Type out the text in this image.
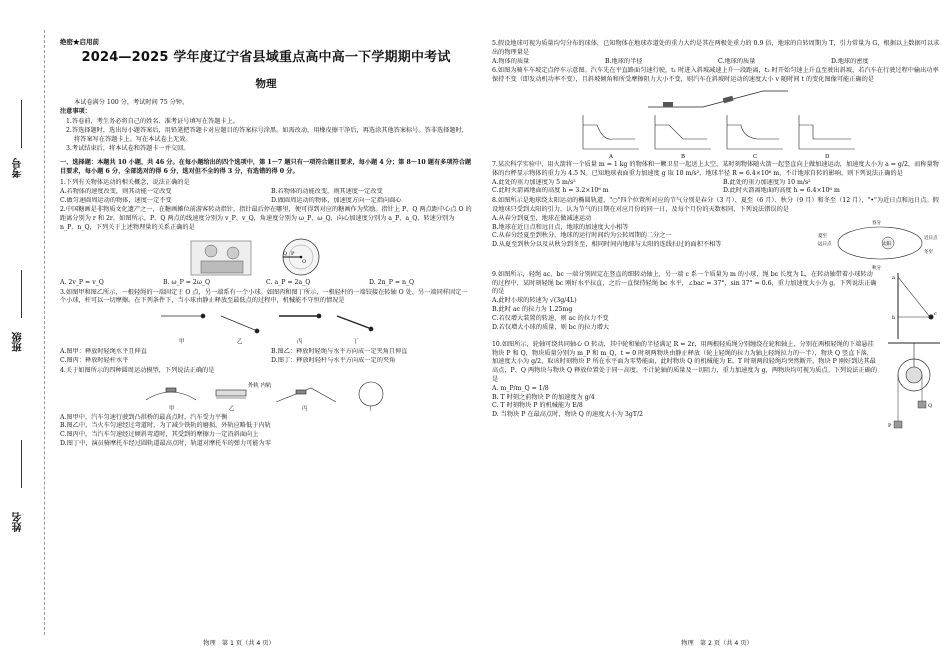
考号
班级
姓名
绝密★启用前
2024—2025 学年度辽宁省县域重点高中高一下学期期中考试
物理
本试卷满分 100 分，考试时间 75 分钟。
注意事项：

1.答卷前，考生务必将自己的姓名、准考证号填写在答题卡上。

2.答选择题时，选出每小题答案后，用铅笔把答题卡对应题目的答案标号涂黑。如需改动，用橡皮擦干净后，再选涂其他答案标号。答非选择题时，将答案写在答题卡上。写在本试卷上无效。

3.考试结束后，将本试卷和答题卡一并交回。

一、选择题：本题共 10 小题，共 46 分。在每小题给出的四个选项中，第 1～7 题只有一项符合题目要求，每小题 4 分；第 8～10 题有多项符合题目要求，每小题 6 分，全部选对的得 6 分，选对但不全的得 3 分，有选错的得 0 分。
1.下列有关物体运动的相关概念，说法正确的是
A.若物体的速度改变，则其动能一定改变	B.若物体的动能改变，则其速度一定改变
C.做匀速圆周运动的物体，速度一定不变	D.做圆周运动的物体，加速度方向一定指向圆心
2.中国糖画是非物质文化遗产之一，在糖画摊位前游客转动指针，指针最后停在哪里，便可得到对应的糖画作为奖励。指针上 P、Q 两点距中心点 O 的距离分别为 r 和 2r，如图所示，P、Q 两点的线速度分别为 v_P、v_Q，角速度分别为 ω_P、ω_Q，向心加速度分别为 a_P、a_Q，转速分别为 n_P、n_Q，下列关于上述物理量的关系正确的是
O
P
Q
A. 2v_P = v_Q	B. ω_P = 2ω_Q	C. a_P = 2a_Q	D. 2n_P = n_Q
3.如图甲和图乙所示，一根轻绳的一端固定于 O 点，另一端系有一个小球。如图丙和图丁所示，一根轻杆的一端铰接在转轴 O 处，另一端同样固定一个小球，杆可以一切摩擦。在下列条件下，当小球由静止释放至最低点的过程中，机械能不守恒的情况是
甲	乙	丙	丁
A.图甲：释放时轻绳水平且伸直	B.图乙：释放时轻绳与水平方向成一定夹角且伸直
C.图丙：释放时轻杆水平	D.图丁：释放时轻杆与水平方向成一定的夹角
4.关于如图所示的四种圆周运动模型，下列说法正确的是
外轨 内轨
甲	乙	丙	丁
A.图甲中，汽车匀速行驶到凸拱桥的最高点时，汽车受力平衡
B.图乙中，当火车匀速经过弯道时，为了减少铁轨的磨损，外轨应略低于内轨
C.图丙中，当汽车匀速经过倾斜弯道时，其受到的摩擦力一定沿斜面向上
D.图丁中，演员骑摩托车经过圆轨道最高点时，轨道对摩托车的弹力可能为零
物理　第 1 页（共 4 页）
5.假设地球可视为质量均匀分布的球体，已知物体在地球赤道处的重力大约是其在两极处重力的 0.9 倍，地球的自转周期为 T，引力常量为 G，根据以上数据可以求出的物理量是
A.物体的质量	B.地球的半径	C.地球的质量	D.地球的密度
6.如图为骑车车坡定点停车示意图。汽车先在平直路面匀速行驶，t₁ 时进入斜坡减速上升一段距离，t₂ 时开始匀速上升直至驶出斜坡，若汽车在行驶过程中输出功率保持不变（即发动机功率不变），且斜坡倾角和所受摩擦阻力大小不变，则汽车在斜坡时运动的速度大小 v 随时间 t 的变化图像可能正确的是
A	B	C	D
7.某次科学实验中，用火箭将一个质量 m = 1 kg 的物体和一颗卫星一起送上太空，某时刻物体随火箭一起竖直向上做加速运动，加速度大小为 a = g/2，而称量物体的台秤显示物体的重力为 4.5 N。已知地球表面重力加速度 g 取 10 m/s²，地球半径 R = 6.4×10⁶ m，不计地球自转的影响，则下列说法正确的是
A.此处的重力加速度为 5 m/s²	B.此处的重力加速度为 10 m/s²
C.此时火箭离地面的高度 h = 3.2×10⁶ m	D.此时火箭离地面的高度 h = 6.4×10⁶ m
8.如图所示是地球绕太阳运动的椭圆轨道，"○"四个位置所对应的节气分别是春分（3 月）、夏至（6 月）、秋分（9 月）和冬至（12 月），"•"为近日点和远日点。假设地球只受到太阳的引力，认为节气的日期在对应月份的同一日，及每个月份的天数相同，下列说法错误的是
太阳
春分
秋分
夏至
远日点
近日点
冬至
A.从春分到夏至，地球在做减速运动
B.地球在近日点和远日点，地球的加速度大小相等
C.从春分经夏至到秋分，地球的运行时间约为公转周期的二分之一
D.从夏至到秋分以及从秋分到冬至，相同时间内地球与太阳的连线扫过的面积不相等
a
b
c
9.如图所示，轻绳 ac、bc 一端分别固定在竖直的细转动轴上，另一端 c 系一个质量为 m 的小球，绳 bc 长度为 L，在转动轴带着小球转动的过程中，某时刻轻绳 bc 刚好水平拉直，之后一直保持轻绳 bc 水平，∠bac = 37°，sin 37° = 0.6，重力加速度大小为 g，下列说法正确的是
A.此时小球的转速为 √(3g/4L)
B.此时 ac 的拉力为 1.25mg
C.若仅增大装置的转速，则 ac 的拉力不变
D.若仅增大小球的质量，则 bc 的拉力增大
P
Q
10.如图所示，轮轴可绕共同轴心 O 转动，其中轮和轴的半径满足 R = 2r，用两根轻质绳分别缠绕在轮和轴上，分别在两根轻绳的下端悬挂物块 P 和 Q，物块质量分别为 m_P 和 m_Q，t = 0 时刻两物块由静止释放（轮上轻绳的拉力为轴上轻绳拉力的一半），物块 Q 竖直下落，加速度大小为 g/2，取该时刻物块 P 所在水平面为零势能面，此时物块 Q 的机械能为 E。T 时刻两段轻绳均突然断开，物块 P 刚好到达其最高点，P、Q 两物块与物块 Q 释放位置处于同一高度。不计轮轴的质量及一切阻力，重力加速度为 g，两物块均可视为质点。下列说法正确的是
A. m_P/m_Q = 1/8
B. T 时刻之前物块 P 的加速度为 g/4
C. T 时刻物块 P 的机械能为 E/8
D. 当物块 P 在最高点时，物块 Q 的速度大小为 3gT/2
物理　第 2 页（共 4 页）
